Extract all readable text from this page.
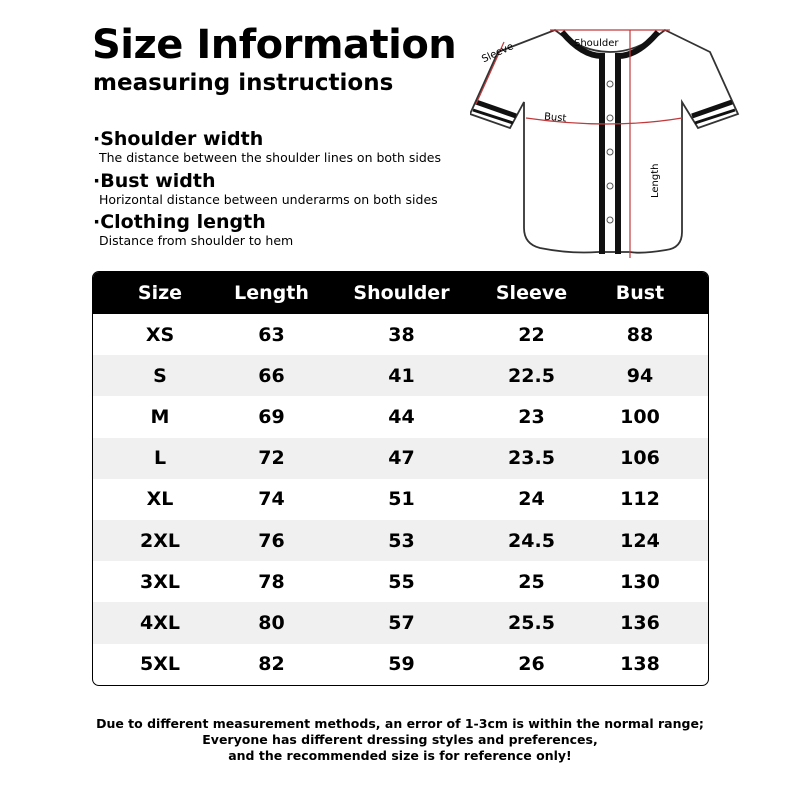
Size Information
measuring instructions
·Shoulder width
The distance between the shoulder lines on both sides
·Bust width
Horizontal distance between underarms on both sides
·Clothing length
Distance from shoulder to hem
Sleeve	Shoulder
Bust
Length
Size	Length	Shoulder	Sleeve	Bust
XS	63	38	22	88
S	66	41	22.5	94
M	69	44	23	100
L	72	47	23.5	106
XL	74	51	24	112
2XL	76	53	24.5	124
3XL	78	55	25	130
4XL	80	57	25.5	136
5XL	82	59	26	138
Due to different measurement methods, an error of 1-3cm is within the normal range;
Everyone has different dressing styles and preferences,
and the recommended size is for reference only!
